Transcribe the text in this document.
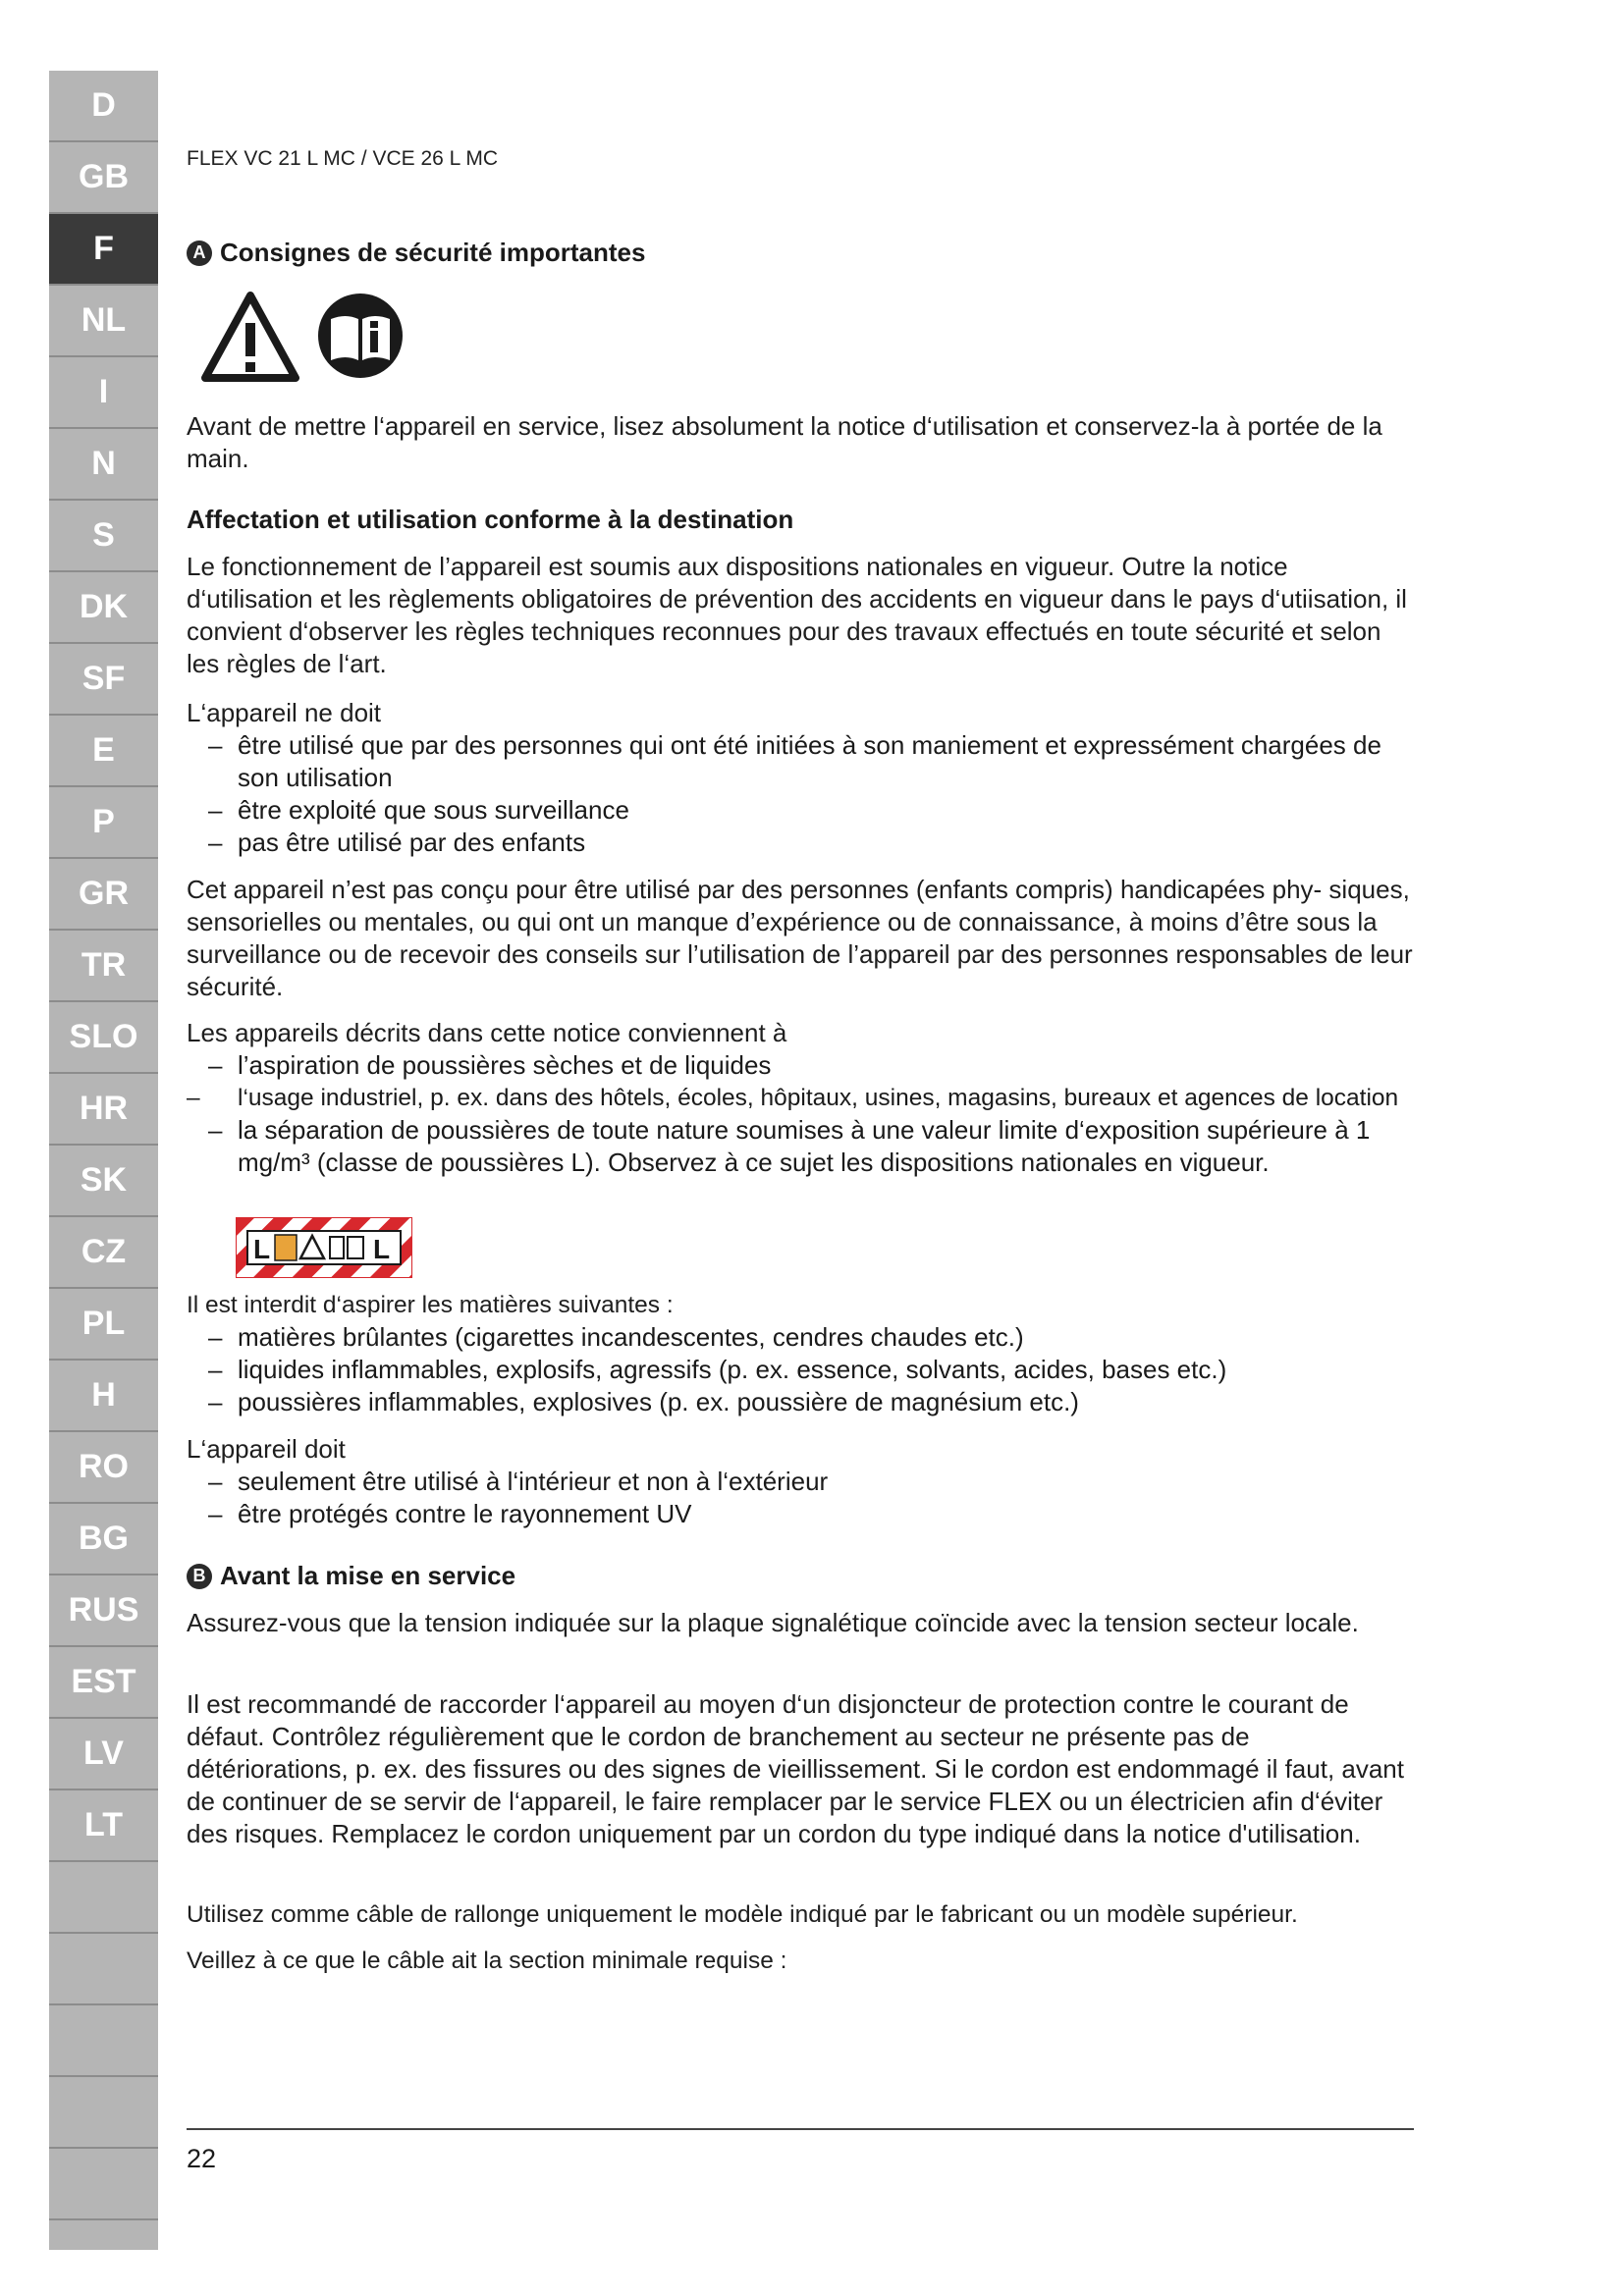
D
GB
F
NL
I
N
S
DK
SF
E
P
GR
TR
SLO
HR
SK
CZ
PL
H
RO
BG
RUS
EST
LV
LT
FLEX VC 21 L MC / VCE 26 L MC
A Consignes de sécurité importantes
Avant de mettre l‘appareil en service, lisez absolument la notice d‘utilisation et conservez-la à portée de la main.
Affectation et utilisation conforme à la destination
Le fonctionnement de l’appareil est soumis aux dispositions nationales en vigueur. Outre la notice d‘utilisation et les règlements obligatoires de prévention des accidents en vigueur dans le pays d‘utiisation, il convient d‘observer les règles techniques reconnues pour des travaux effectués en toute sécurité et selon les règles de l‘art.
L‘appareil ne doit
– être utilisé que par des personnes qui ont été initiées à son maniement et expressément chargées de son utilisation
– être exploité que sous surveillance
– pas être utilisé par des enfants
Cet appareil n’est pas conçu pour être utilisé par des personnes (enfants compris) handicapées phy- siques, sensorielles ou mentales, ou qui ont un manque d’expérience ou de connaissance, à moins d’être sous la surveillance ou de recevoir des conseils sur l’utilisation de l’appareil par des personnes responsables de leur sécurité.
Les appareils décrits dans cette notice conviennent à
– l’aspiration de poussières sèches et de liquides
– l‘usage industriel, p. ex. dans des hôtels, écoles, hôpitaux, usines, magasins, bureaux et agences de location
– la séparation de poussières de toute nature soumises à une valeur limite d‘exposition supérieure à 1 mg/m³ (classe de poussières L). Observez à ce sujet les dispositions nationales en vigueur.
L	L
Il est interdit d‘aspirer les matières suivantes :
– matières brûlantes (cigarettes incandescentes, cendres chaudes etc.)
– liquides inflammables, explosifs, agressifs (p. ex. essence, solvants, acides, bases etc.)
– poussières inflammables, explosives (p. ex. poussière de magnésium etc.)
L‘appareil doit
– seulement être utilisé à l‘intérieur et non à l‘extérieur
– être protégés contre le rayonnement UV
B Avant la mise en service
Assurez-vous que la tension indiquée sur la plaque signalétique coïncide avec la tension secteur locale.
Il est recommandé de raccorder l‘appareil au moyen d‘un disjoncteur de protection contre le courant de défaut. Contrôlez régulièrement que le cordon de branchement au secteur ne présente pas de détériorations, p. ex. des fissures ou des signes de vieillissement. Si le cordon est endommagé il faut, avant de continuer de se servir de l‘appareil, le faire remplacer par le service FLEX ou un électricien afin d‘éviter des risques. Remplacez le cordon uniquement par un cordon du type indiqué dans la notice d'utilisation.
Utilisez comme câble de rallonge uniquement le modèle indiqué par le fabricant ou un modèle supérieur.
Veillez à ce que le câble ait la section minimale requise :
22
